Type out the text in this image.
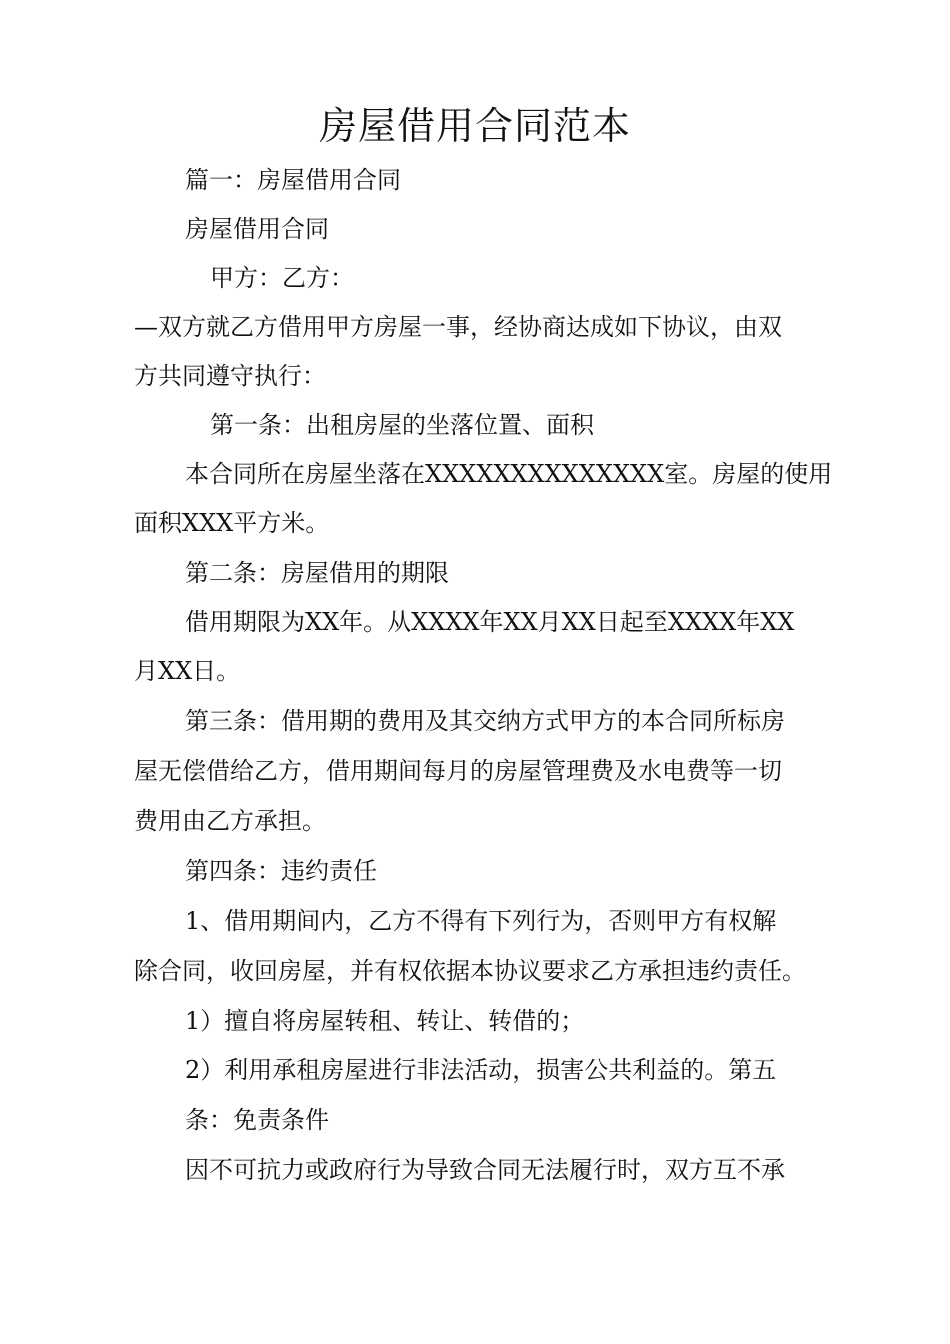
房屋借用合同范本
篇一：房屋借用合同
房屋借用合同
甲方：乙方：
—双方就乙方借用甲方房屋一事，经协商达成如下协议，由双
方共同遵守执行：
第一条：出租房屋的坐落位置、面积
本合同所在房屋坐落在XXXXXXXXXXXXXX室。房屋的使用
面积XXX平方米。
第二条：房屋借用的期限
借用期限为XX年。从XXXX年XX月XX日起至XXXX年XX
月XX日。
第三条：借用期的费用及其交纳方式甲方的本合同所标房
屋无偿借给乙方，借用期间每月的房屋管理费及水电费等一切
费用由乙方承担。
第四条：违约责任
1、借用期间内，乙方不得有下列行为，否则甲方有权解
除合同，收回房屋，并有权依据本协议要求乙方承担违约责任。
1）擅自将房屋转租、转让、转借的；
2）利用承租房屋进行非法活动，损害公共利益的。第五
条：免责条件
因不可抗力或政府行为导致合同无法履行时，双方互不承
